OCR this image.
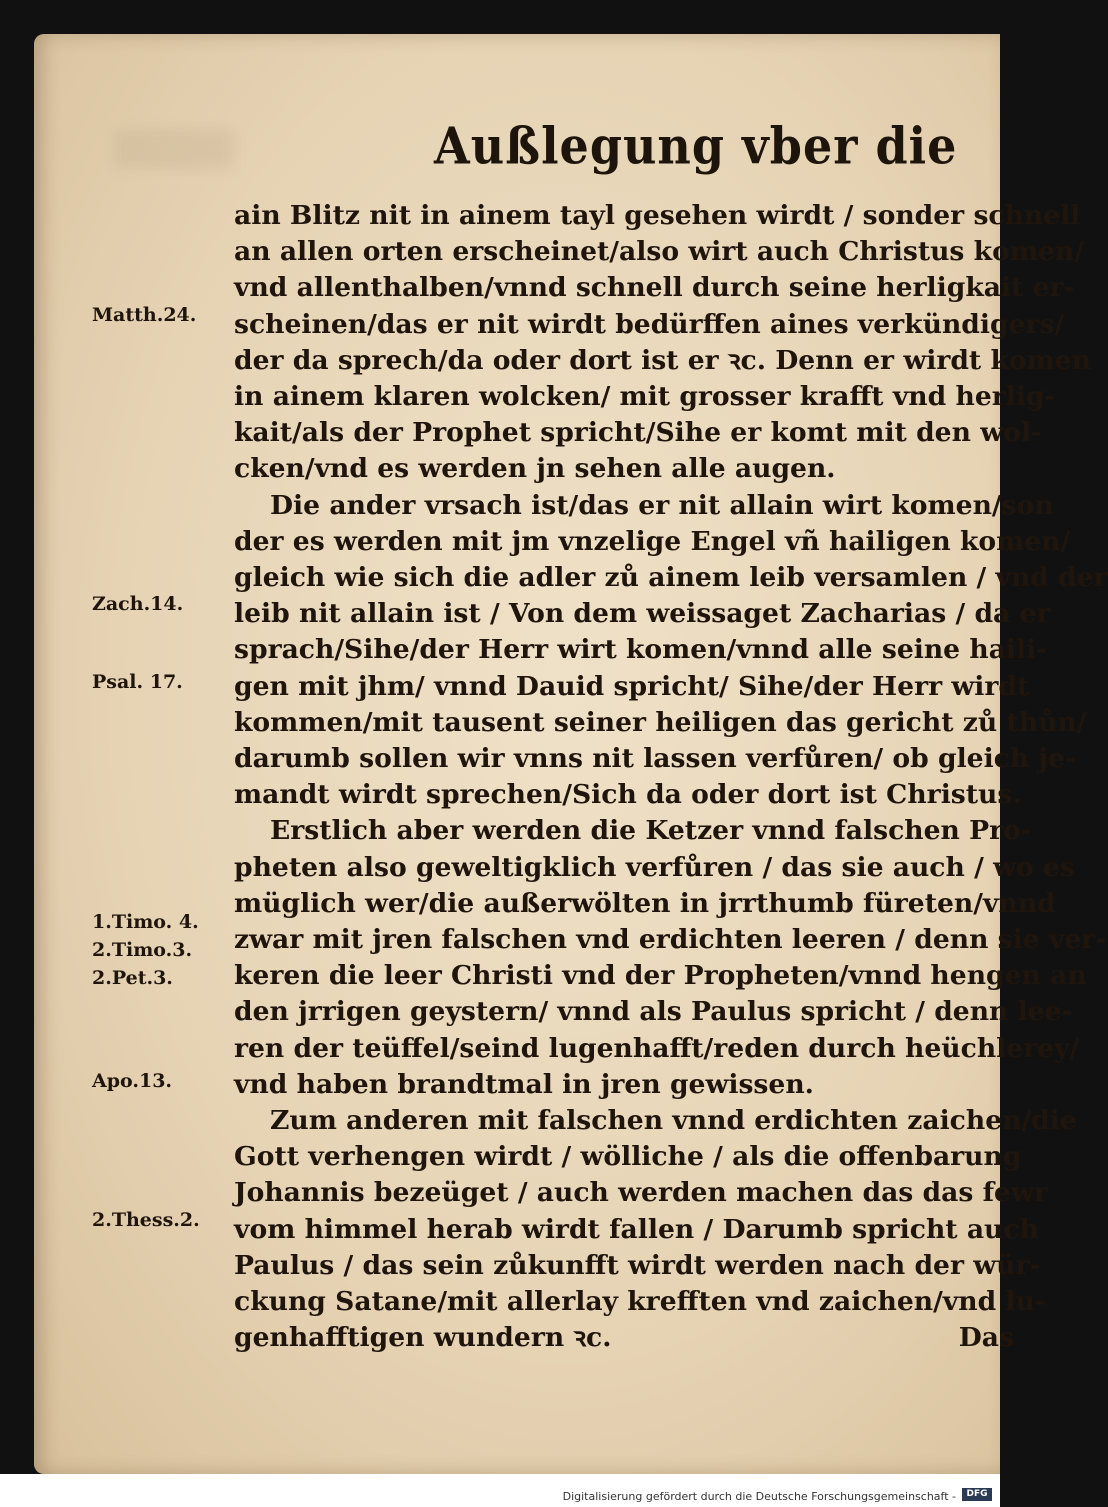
Außlegung vber die
Matth.24.
Zach.14.
Psal. 17.
1.Timo. 4.
2.Timo.3.
2.Pet.3.
Apo.13.
2.Thess.2.
ain Blitz nit in ainem tayl gesehen wirdt / sonder schnell
an allen orten erscheinet/also wirt auch Christus komen/
vnd allenthalben/vnnd schnell durch seine herligkait er-
scheinen/das er nit wirdt bedürffen aines verkündigers/
der da sprech/da oder dort ist er ꝛc. Denn er wirdt komen
in ainem klaren wolcken/ mit grosser krafft vnd herlig-
kait/als der Prophet spricht/Sihe er komt mit den wol-
cken/vnd es werden jn sehen alle augen.
Die ander vrsach ist/das er nit allain wirt komen/son
der es werden mit jm vnzelige Engel vñ hailigen komen/
gleich wie sich die adler zů ainem leib versamlen / vnd der
leib nit allain ist / Von dem weissaget Zacharias / da er
sprach/Sihe/der Herr wirt komen/vnnd alle seine haili-
gen mit jhm/ vnnd Dauid spricht/ Sihe/der Herr wirdt
kommen/mit tausent seiner heiligen das gericht zů thůn/
darumb sollen wir vnns nit lassen verfůren/ ob gleich je-
mandt wirdt sprechen/Sich da oder dort ist Christus.
Erstlich aber werden die Ketzer vnnd falschen Pro-
pheten also geweltigklich verfůren / das sie auch / wo es
müglich wer/die außerwölten in jrrthumb füreten/vnnd
zwar mit jren falschen vnd erdichten leeren / denn sie ver-
keren die leer Christi vnd der Propheten/vnnd hengen an
den jrrigen geystern/ vnnd als Paulus spricht / denn lee-
ren der teüffel/seind lugenhafft/reden durch heüchlerey/
vnd haben brandtmal in jren gewissen.
Zum anderen mit falschen vnnd erdichten zaichen/die
Gott verhengen wirdt / wölliche / als die offenbarung
Johannis bezeüget / auch werden machen das das fewr
vom himmel herab wirdt fallen / Darumb spricht auch
Paulus / das sein zůkunfft wirdt werden nach der wür-
ckung Satane/mit allerlay krefften vnd zaichen/vnd lu-
genhafftigen wundern ꝛc.	Das
Digitalisierung gefördert durch die Deutsche Forschungsgemeinschaft -	DFG
